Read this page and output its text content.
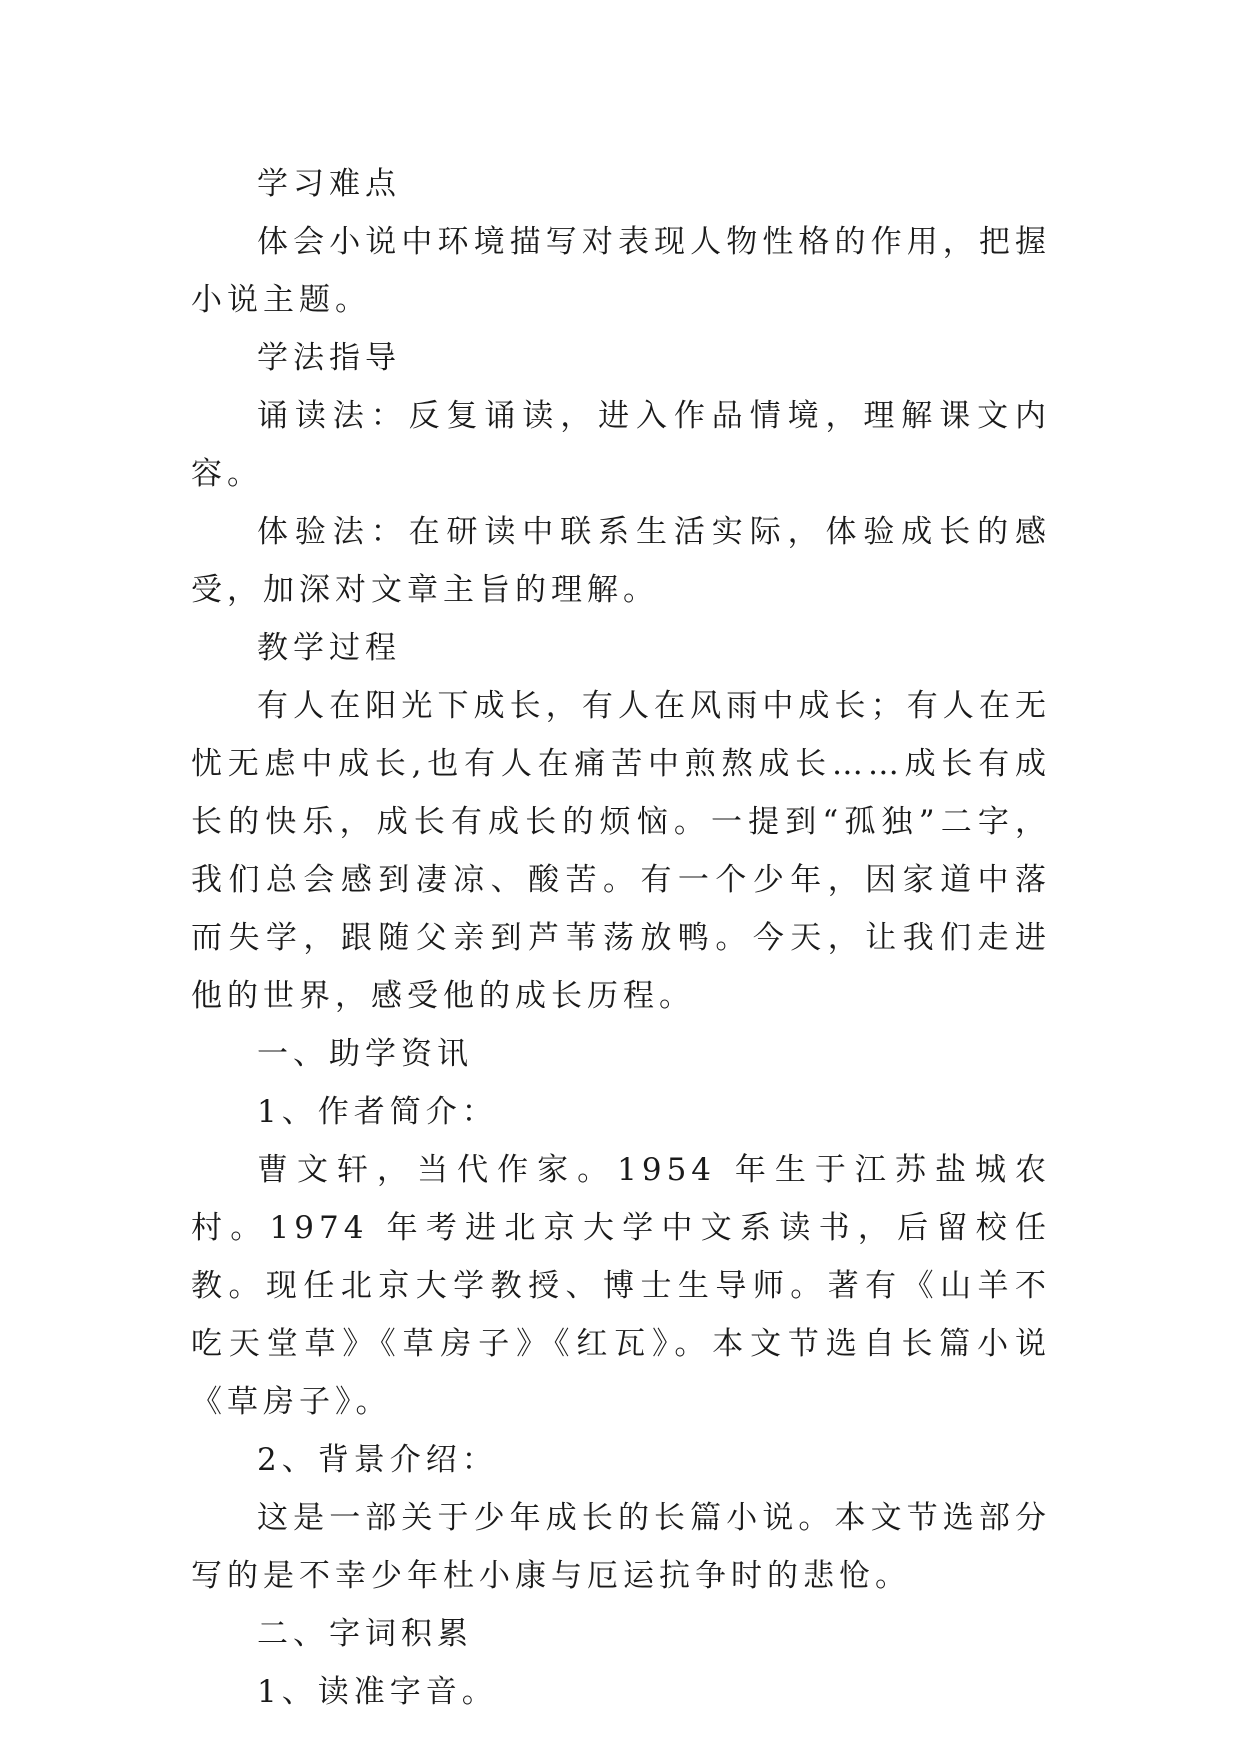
学习难点

体会小说中环境描写对表现人物性格的作用，把握小说主题。

学法指导

诵读法：反复诵读，进入作品情境，理解课文内容。

体验法：在研读中联系生活实际，体验成长的感受，加深对文章主旨的理解。

教学过程

有人在阳光下成长，有人在风雨中成长；有人在无忧无虑中成长,也有人在痛苦中煎熬成长……成长有成长的快乐，成长有成长的烦恼。一提到“孤独”二字，我们总会感到凄凉、酸苦。有一个少年，因家道中落而失学，跟随父亲到芦苇荡放鸭。今天，让我们走进他的世界，感受他的成长历程。

一、助学资讯

1、作者简介：

曹文轩，当代作家。1954 年生于江苏盐城农村。1974 年考进北京大学中文系读书，后留校任教。现任北京大学教授、博士生导师。著有《山羊不吃天堂草》《草房子》《红瓦》。本文节选自长篇小说《草房子》。

2、背景介绍：

这是一部关于少年成长的长篇小说。本文节选部分写的是不幸少年杜小康与厄运抗争时的悲怆。

二、字词积累

1、读准字音。
